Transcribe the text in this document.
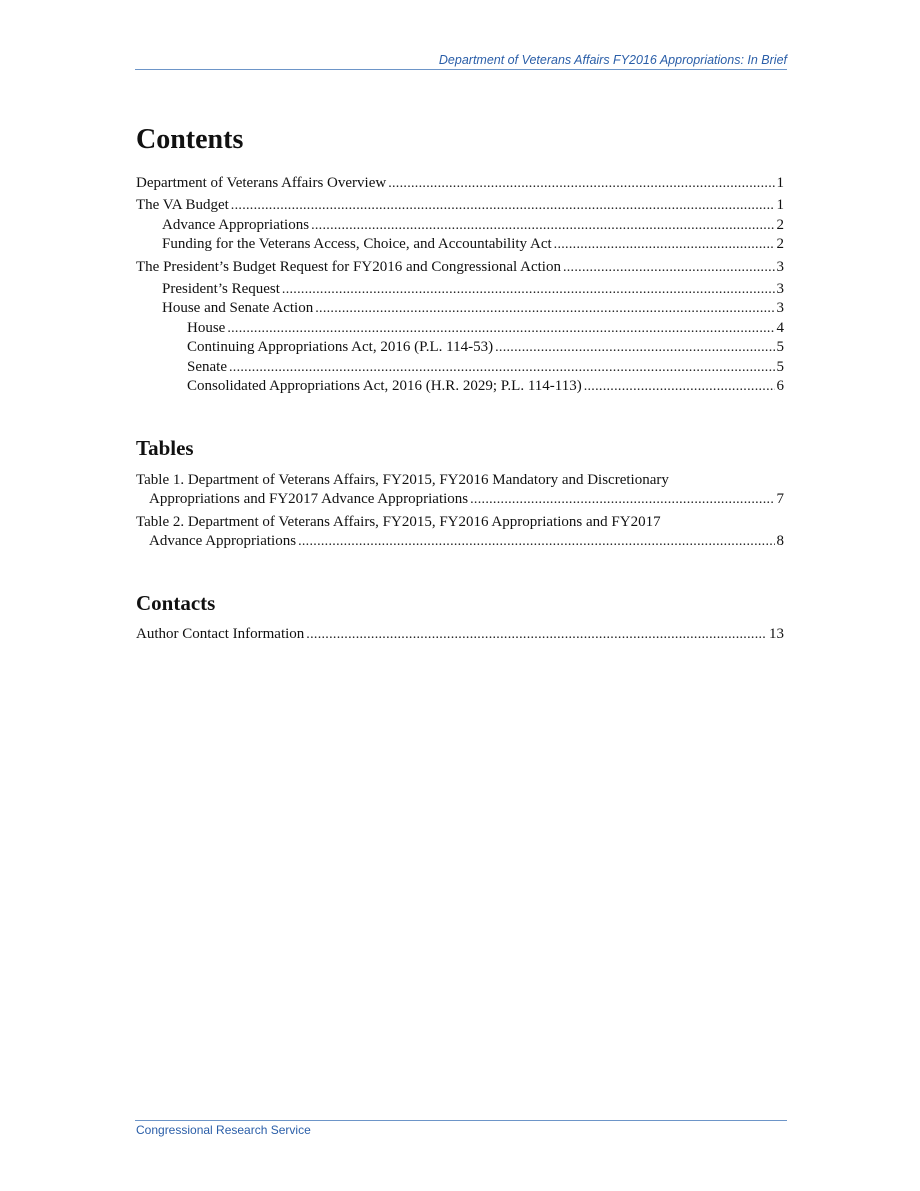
Department of Veterans Affairs FY2016 Appropriations: In Brief
Contents
Department of Veterans Affairs Overview . . .	1
The VA Budget . . .	1
Advance Appropriations . . .	2
Funding for the Veterans Access, Choice, and Accountability Act . . .	2
The President’s Budget Request for FY2016 and Congressional Action . . .	3
President’s Request . . .	3
House and Senate Action . . .	3
House . . .	4
Continuing Appropriations Act, 2016 (P.L. 114-53) . . .	5
Senate . . .	5
Consolidated Appropriations Act, 2016 (H.R. 2029; P.L. 114-113) . . .	6
Tables
Table 1. Department of Veterans Affairs, FY2015, FY2016 Mandatory and Discretionary
Appropriations and FY2017 Advance Appropriations . . .	7
Table 2. Department of Veterans Affairs, FY2015, FY2016 Appropriations and FY2017
Advance Appropriations . . .	8
Contacts
Author Contact Information . . .	13
Congressional Research Service
